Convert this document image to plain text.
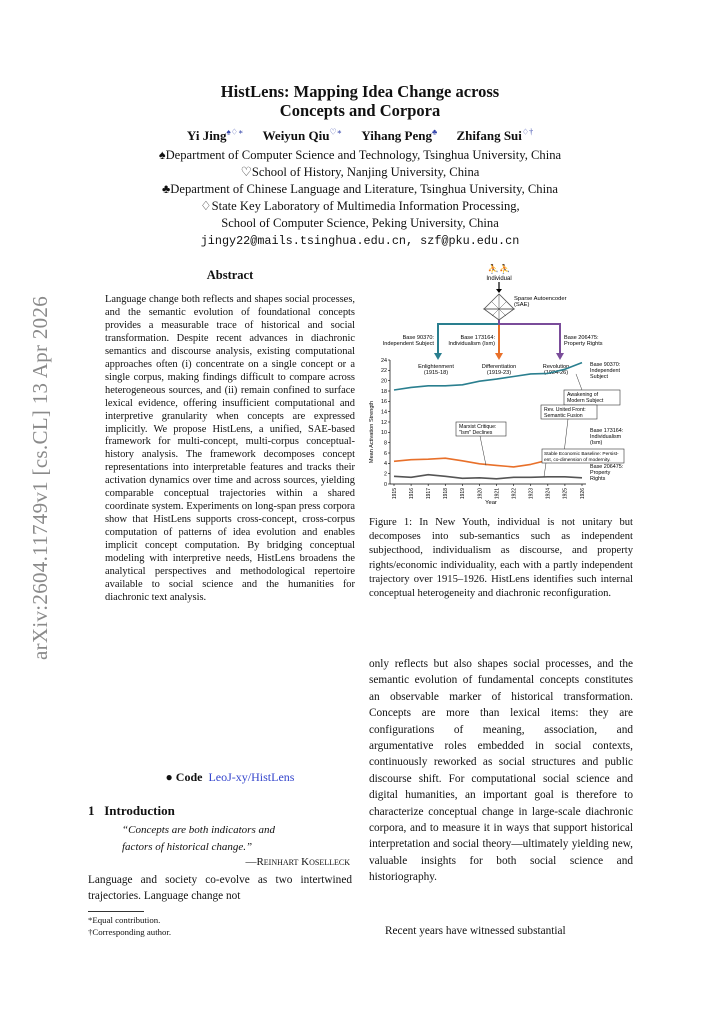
arXiv:2604.11749v1 [cs.CL] 13 Apr 2026
HistLens: Mapping Idea Change across
Concepts and Corpora
Yi Jing♠♢∗ Weiyun Qiu♡∗ Yihang Peng♣ Zhifang Sui♢†
♠Department of Computer Science and Technology, Tsinghua University, China
♡School of History, Nanjing University, China
♣Department of Chinese Language and Literature, Tsinghua University, China
♢State Key Laboratory of Multimedia Information Processing,
School of Computer Science, Peking University, China
jingy22@mails.tsinghua.edu.cn, szf@pku.edu.cn
Abstract
Language change both reflects and shapes social processes, and the semantic evolution of foundational concepts provides a measurable trace of historical and social transformation. Despite recent advances in diachronic semantics and discourse analysis, existing computational approaches often (i) concentrate on a single concept or a single corpus, making findings difficult to compare across heterogeneous sources, and (ii) remain confined to surface lexical evidence, offering insufficient computational and interpretive granularity when concepts are expressed implicitly. We propose HistLens, a unified, SAE-based framework for multi-concept, multi-corpus conceptual-history analysis. The framework decomposes concept representations into interpretable features and tracks their activation dynamics over time and across sources, yielding comparable conceptual trajectories within a shared coordinate system. Experiments on long-span press corpora show that HistLens supports cross-concept, cross-corpus computation of patterns of idea evolution and enables implicit concept computation. By bridging conceptual modeling with interpretive needs, HistLens broadens the analytical perspectives and methodological repertoire available to social science and the humanities for diachronic text analysis.
● Code LeoJ-xy/HistLens
1 Introduction
“Concepts are both indicators and
factors of historical change.”
—Reinhart Koselleck
Language and society co-evolve as two intertwined trajectories. Language change not
*Equal contribution.
†Corresponding author.
⛹⛹
Individual
Sparse Autoencoder
(SAE)
Base 90370:
Independent Subject
Base 173164:
Individualism (Ism)
Base 206475:
Property Rights
Enlightenment
(1915-18)
Differentiation
(1919-23)
Revolution
(1924-26)
Mean Activation Strength
Year
0
2
4
6
8
10
12
14
16
18
20
22
24
1915 1916 1917 1918 1919 1920 1921 1922 1923 1924 1925 1926
Awakening of
Modern Subject
Rev. United Front:
Semantic Fusion
Marxist Critique:
"Ism" Declines
Stable Economic Baseline: Persist-
ent, co-dimension of modernity.
Base 90370:
Independent
Subject
Base 173164:
Individualism
(Ism)
Base 206475:
Property
Rights
Figure 1: In New Youth, individual is not unitary but decomposes into sub-semantics such as independent subjecthood, individualism as discourse, and property rights/economic individuality, each with a partly independent trajectory over 1915–1926. HistLens identifies such internal conceptual heterogeneity and diachronic reconfiguration.
only reflects but also shapes social processes, and the semantic evolution of fundamental concepts constitutes an observable marker of historical transformation. Concepts are more than lexical items: they are configurations of meaning, association, and argumentative roles embedded in social contexts, continuously reworked as social structures and public discourse shift. For computational social science and digital humanities, an important goal is therefore to characterize conceptual change in large-scale diachronic corpora, and to measure it in ways that support historical interpretation and social theory—ultimately yielding new, valuable insights for both social science and historiography.
Recent years have witnessed substantial
